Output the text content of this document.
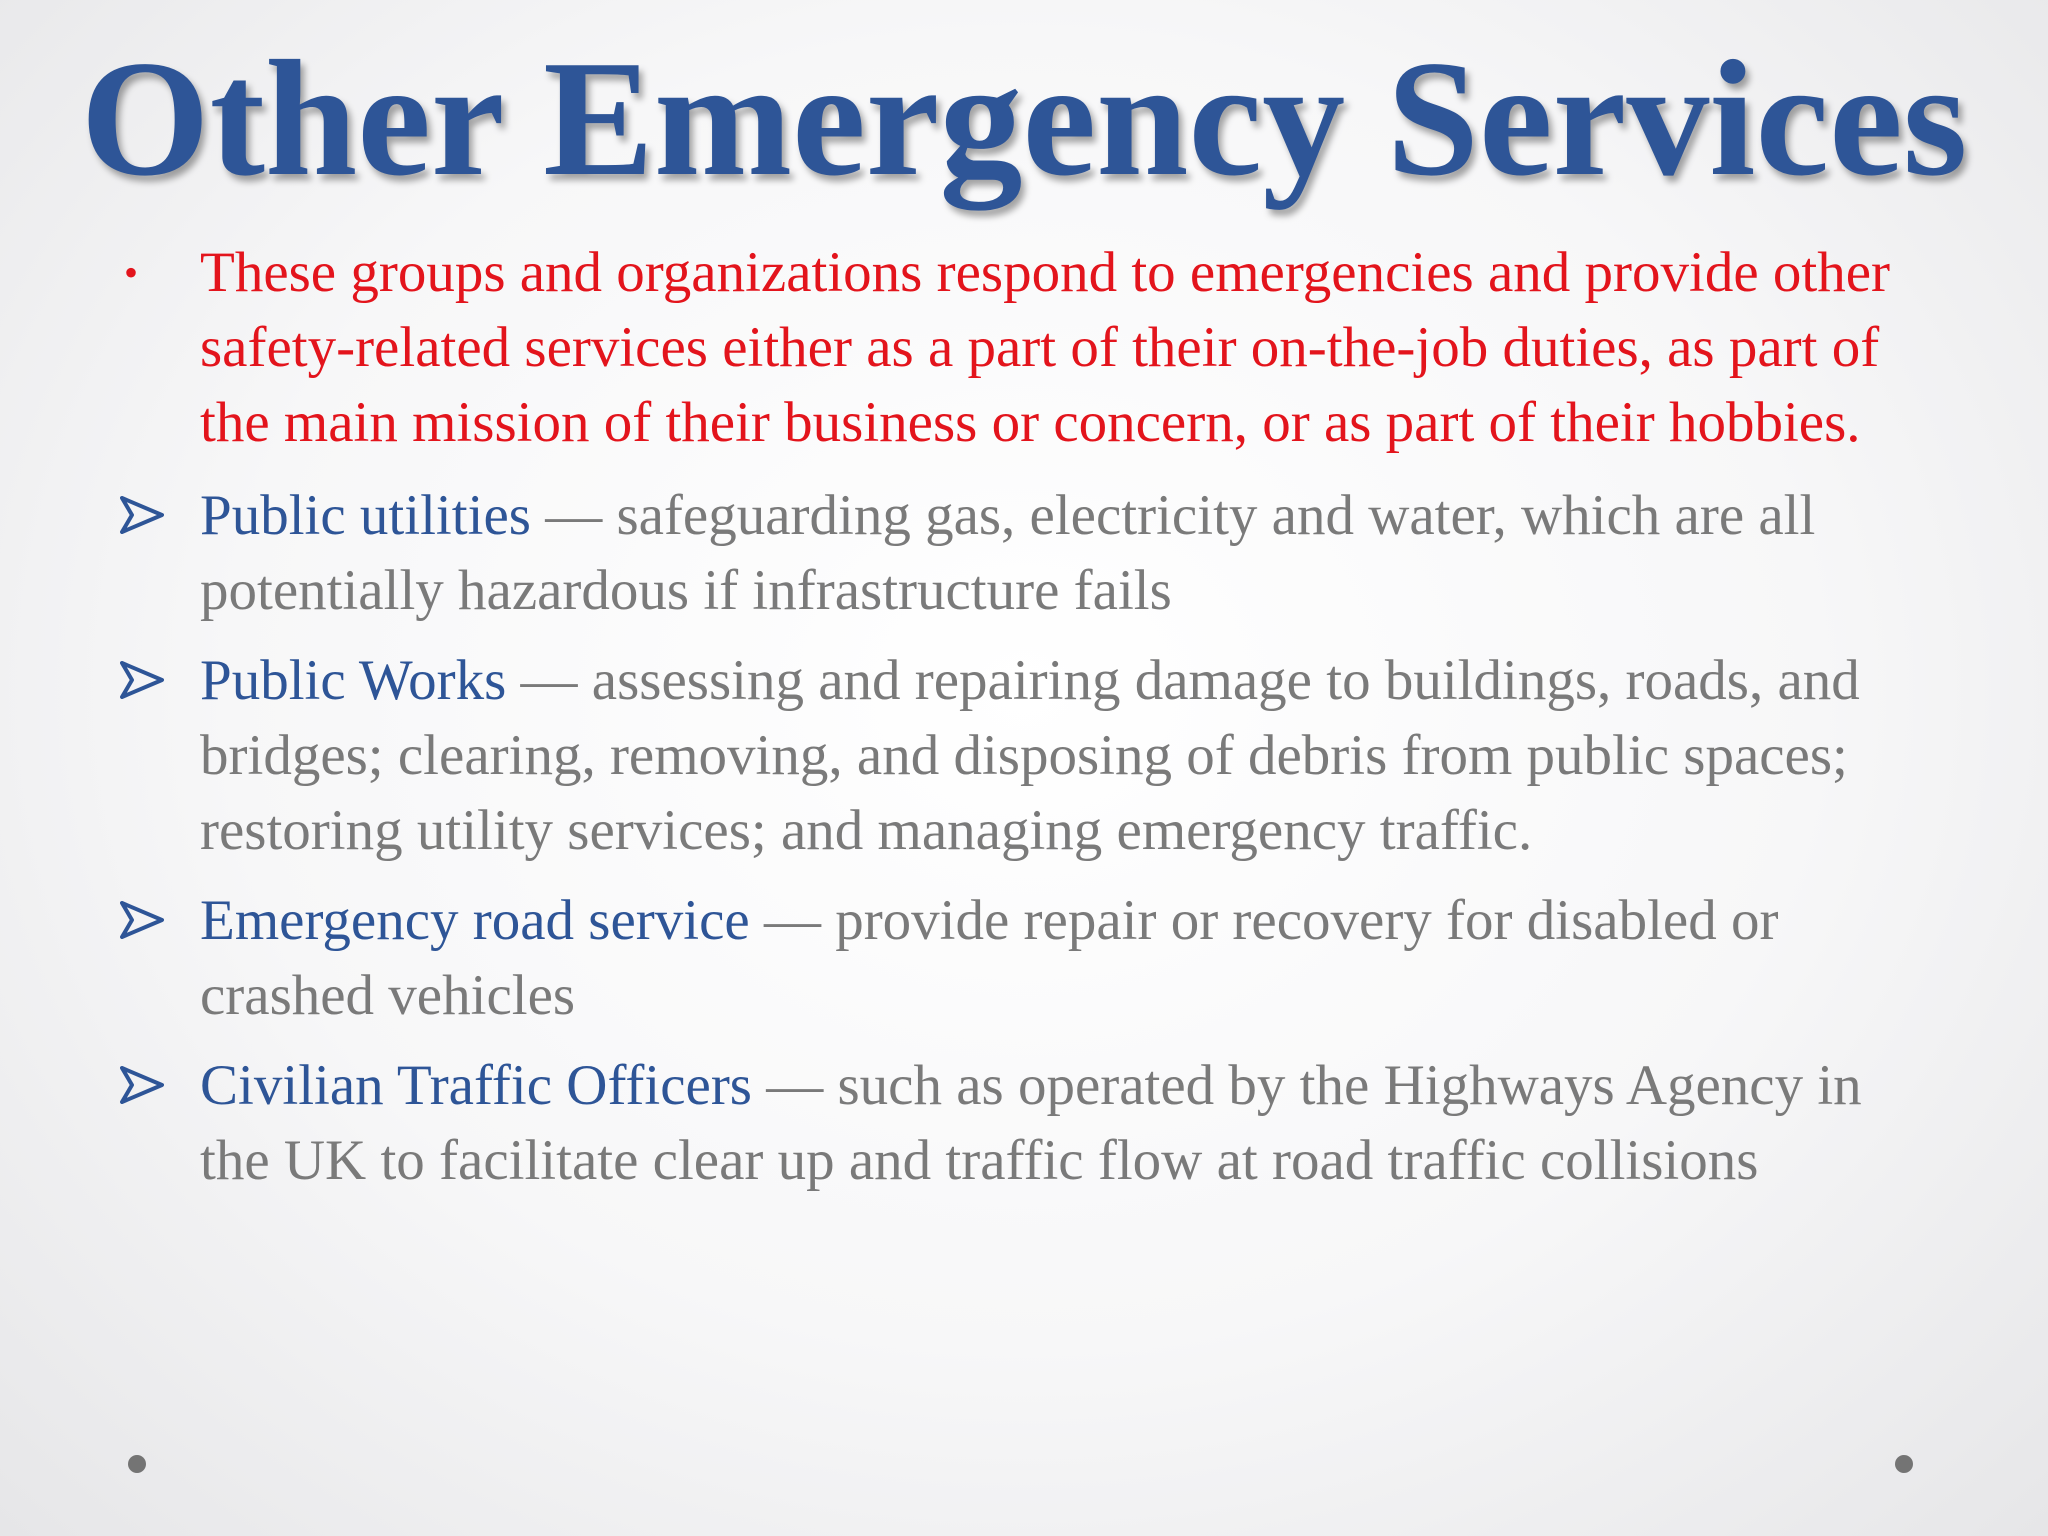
Other Emergency Services
•	These groups and organizations respond to emergencies and provide other safety-related services either as a part of their on-the-job duties, as part of the main mission of their business or concern, or as part of their hobbies.
Public utilities — safeguarding gas, electricity and water, which are all potentially hazardous if infrastructure fails
Public Works — assessing and repairing damage to buildings, roads, and bridges; clearing, removing, and disposing of debris from public spaces; restoring utility services; and managing emergency traffic.
Emergency road service — provide repair or recovery for disabled or crashed vehicles
Civilian Traffic Officers — such as operated by the Highways Agency in the UK to facilitate clear up and traffic flow at road traffic collisions
